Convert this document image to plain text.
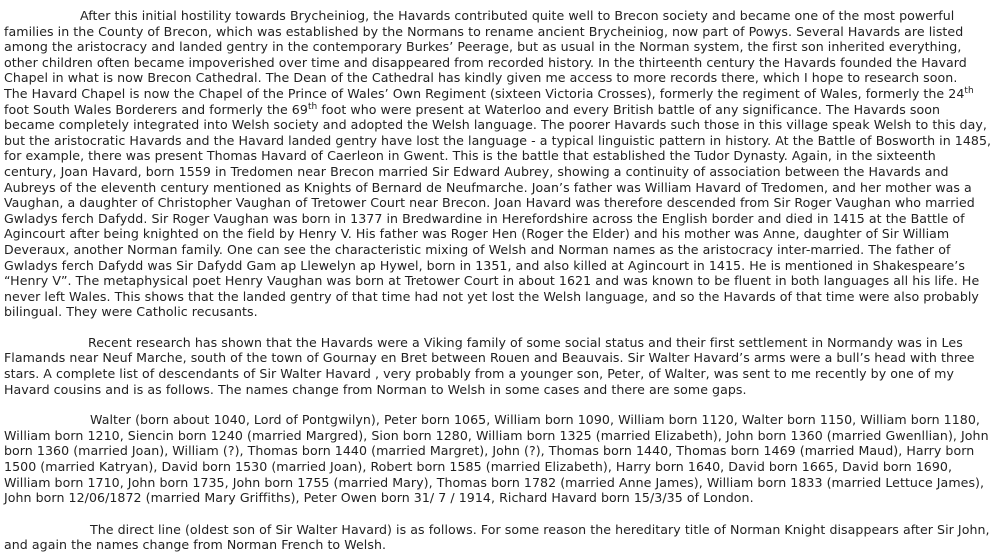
After this initial hostility towards Brycheiniog, the Havards contributed quite well to Brecon society and became one of the most powerful families in the County of Brecon, which was established by the Normans to rename ancient Brycheiniog, now part of Powys. Several Havards are listed among the aristocracy and landed gentry in the contemporary Burkes’ Peerage, but as usual in the Norman system, the first son inherited everything, other children often became impoverished over time and disappeared from recorded history. In the thirteenth century the Havards founded the Havard Chapel in what is now Brecon Cathedral. The Dean of the Cathedral has kindly given me access to more records there, which I hope to research soon.

The Havard Chapel is now the Chapel of the Prince of Wales’ Own Regiment (sixteen Victoria Crosses), formerly the regiment of Wales, formerly the 24th foot South Wales Borderers and formerly the 69th foot who were present at Waterloo and every British battle of any significance. The Havards soon became completely integrated into Welsh society and adopted the Welsh language. The poorer Havards such those in this village speak Welsh to this day, but the aristocratic Havards and the Havard landed gentry have lost the language - a typical linguistic pattern in history. At the Battle of Bosworth in 1485, for example, there was present Thomas Havard of Caerleon in Gwent. This is the battle that established the Tudor Dynasty. Again, in the sixteenth century, Joan Havard, born 1559 in Tredomen near Brecon married Sir Edward Aubrey, showing a continuity of association between the Havards and Aubreys of the eleventh century mentioned as Knights of Bernard de Neufmarche. Joan’s father was William Havard of Tredomen, and her mother was a Vaughan, a daughter of Christopher Vaughan of Tretower Court near Brecon. Joan Havard was therefore descended from Sir Roger Vaughan who married Gwladys ferch Dafydd. Sir Roger Vaughan was born in 1377 in Bredwardine in Herefordshire across the English border and died in 1415 at the Battle of Agincourt after being knighted on the field by Henry V. His father was Roger Hen (Roger the Elder) and his mother was Anne, daughter of Sir William Deveraux, another Norman family. One can see the characteristic mixing of Welsh and Norman names as the aristocracy inter-married. The father of Gwladys ferch Dafydd was Sir Dafydd Gam ap Llewelyn ap Hywel, born in 1351, and also killed at Agincourt in 1415. He is mentioned in Shakespeare’s “Henry V”. The metaphysical poet Henry Vaughan was born at Tretower Court in about 1621 and was known to be fluent in both languages all his life. He never left Wales. This shows that the landed gentry of that time had not yet lost the Welsh language, and so the Havards of that time were also probably bilingual. They were Catholic recusants.

Recent research has shown that the Havards were a Viking family of some social status and their first settlement in Normandy was in Les Flamands near Neuf Marche, south of the town of Gournay en Bret between Rouen and Beauvais. Sir Walter Havard’s arms were a bull’s head with three stars. A complete list of descendants of Sir Walter Havard , very probably from a younger son, Peter, of Walter, was sent to me recently by one of my Havard cousins and is as follows. The names change from Norman to Welsh in some cases and there are some gaps.

Walter (born about 1040, Lord of Pontgwilyn), Peter born 1065, William born 1090, William born 1120, Walter born 1150, William born 1180, William born 1210, Siencin born 1240 (married Margred), Sion born 1280, William born 1325 (married Elizabeth), John born 1360 (married Gwenllian), John born 1360 (married Joan), William (?), Thomas born 1440 (married Margret), John (?), Thomas born 1440, Thomas born 1469 (married Maud), Harry born 1500 (married Katryan), David born 1530 (married Joan), Robert born 1585 (married Elizabeth), Harry born 1640, David born 1665, David born 1690, William born 1710, John born 1735, John born 1755 (married Mary), Thomas born 1782 (married Anne James), William born 1833 (married Lettuce James), John born 12/06/1872 (married Mary Griffiths), Peter Owen born 31/ 7 / 1914, Richard Havard born 15/3/35 of London.

The direct line (oldest son of Sir Walter Havard) is as follows. For some reason the hereditary title of Norman Knight disappears after Sir John, and again the names change from Norman French to Welsh.
